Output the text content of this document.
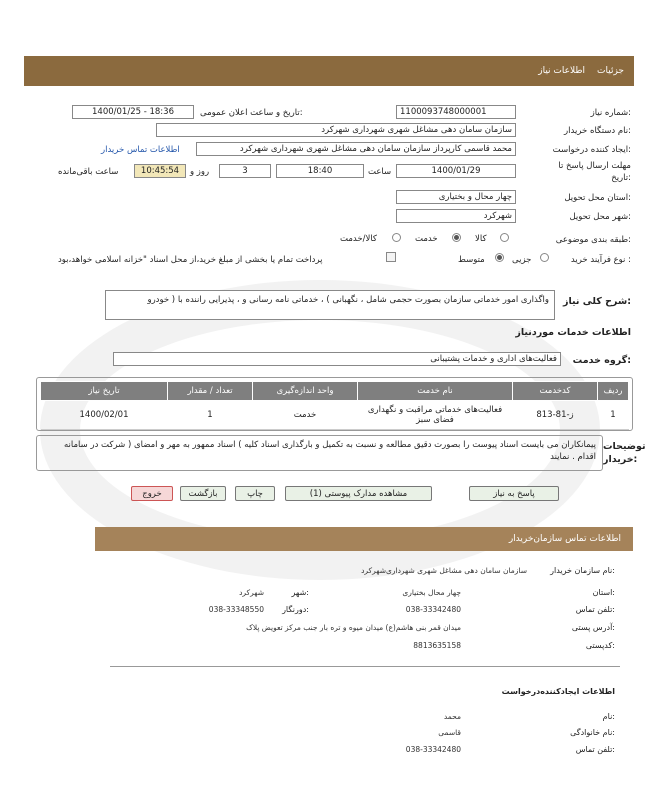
جزئیات
اطلاعات نیاز
شماره نیاز:
1100093748000001
تاریخ و ساعت اعلان عمومی:
1400/01/25 - 18:36
نام دستگاه خریدار:
سازمان سامان دهی مشاغل شهری شهرداری شهرکرد
ایجاد کننده درخواست:
محمد قاسمی کارپرداز سازمان سامان دهی مشاغل شهری شهرداری شهرکرد
اطلاعات تماس خریدار
مهلت ارسال پاسخ تا تاریخ:
1400/01/29
ساعت
18:40
3
روز و
10:45:54
ساعت باقی‌مانده
استان محل تحویل:
چهار محال و بختیاری
شهر محل تحویل:
شهرکرد
طبقه بندی موضوعی:
کالا
خدمت
کالا/خدمت
نوع فرآیند خرید :
جزیی
متوسط
پرداخت تمام یا بخشی از مبلغ خرید،از محل اسناد "خزانه اسلامی خواهد،بود
شرح کلی نیاز:
واگذاری امور خدماتی سازمان بصورت حجمی شامل ، نگهبانی ) ، خدماتی نامه رسانی و ، پذیرایی راننده با ( خودرو
اطلاعات خدمات موردنیاز
گروه خدمت:
فعالیت‌های اداری و خدمات پشتیبانی
ردیف	کدخدمت	نام خدمت	واحد اندازه‌گیری	تعداد / مقدار	تاریخ نیاز
1	ز-81-813	فعالیت‌های خدماتی مراقبت و نگهداری فضای سبز	خدمت	1	1400/02/01
توضیحات خریدار:
پیمانکاران می بایست اسناد پیوست را بصورت دقیق مطالعه و نسبت به تکمیل و بارگذاری اسناد کلیه ) اسناد ممهور به مهر و امضای ( شرکت در سامانه اقدام . نمایند
پاسخ به نیاز
مشاهده مدارک پیوستی (1)
چاپ
بازگشت
خروج
اطلاعات تماس سازمان‌خریدار
نام سازمان خریدار:
سازمان سامان دهی مشاغل شهری شهرداری‌شهرکرد
استان:
چهار محال بختیاری
شهر:
شهرکرد
تلفن تماس:
038-33342480
دورنگار:
038-33348550
آدرس پستی:
میدان قمر بنی هاشم(ع) میدان میوه و تره بار جنب مرکز تعویض پلاک
کدپستی:
8813635158
اطلاعات ایجادکننده‌درخواست
نام:
محمد
نام خانوادگی:
قاسمی
تلفن تماس:
038-33342480
